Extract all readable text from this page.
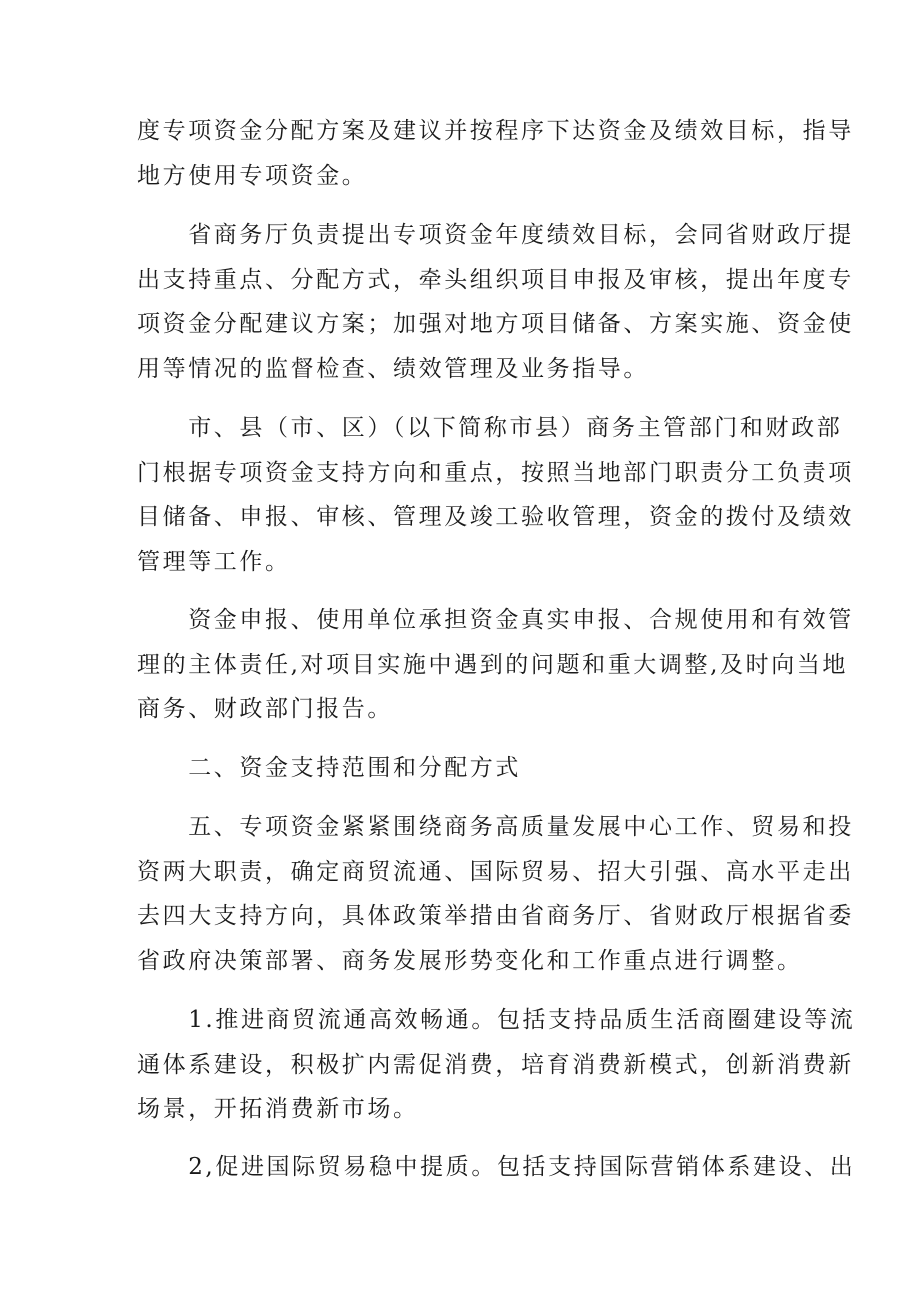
度专项资金分配方案及建议并按程序下达资金及绩效目标，指导
地方使用专项资金。

　　省商务厅负责提出专项资金年度绩效目标，会同省财政厅提
出支持重点、分配方式，牵头组织项目申报及审核，提出年度专
项资金分配建议方案；加强对地方项目储备、方案实施、资金使
用等情况的监督检查、绩效管理及业务指导。

　　市、县（市、区）（以下简称市县）商务主管部门和财政部
门根据专项资金支持方向和重点，按照当地部门职责分工负责项
目储备、申报、审核、管理及竣工验收管理，资金的拨付及绩效
管理等工作。

　　资金申报、使用单位承担资金真实申报、合规使用和有效管
理的主体责任,对项目实施中遇到的问题和重大调整,及时向当地
商务、财政部门报告。

　　二、资金支持范围和分配方式

　　五、专项资金紧紧围绕商务高质量发展中心工作、贸易和投
资两大职责，确定商贸流通、国际贸易、招大引强、高水平走出
去四大支持方向，具体政策举措由省商务厅、省财政厅根据省委
省政府决策部署、商务发展形势变化和工作重点进行调整。

　　1.推进商贸流通高效畅通。包括支持品质生活商圈建设等流
通体系建设，积极扩内需促消费，培育消费新模式，创新消费新
场景，开拓消费新市场。

　　2,促进国际贸易稳中提质。包括支持国际营销体系建设、出
